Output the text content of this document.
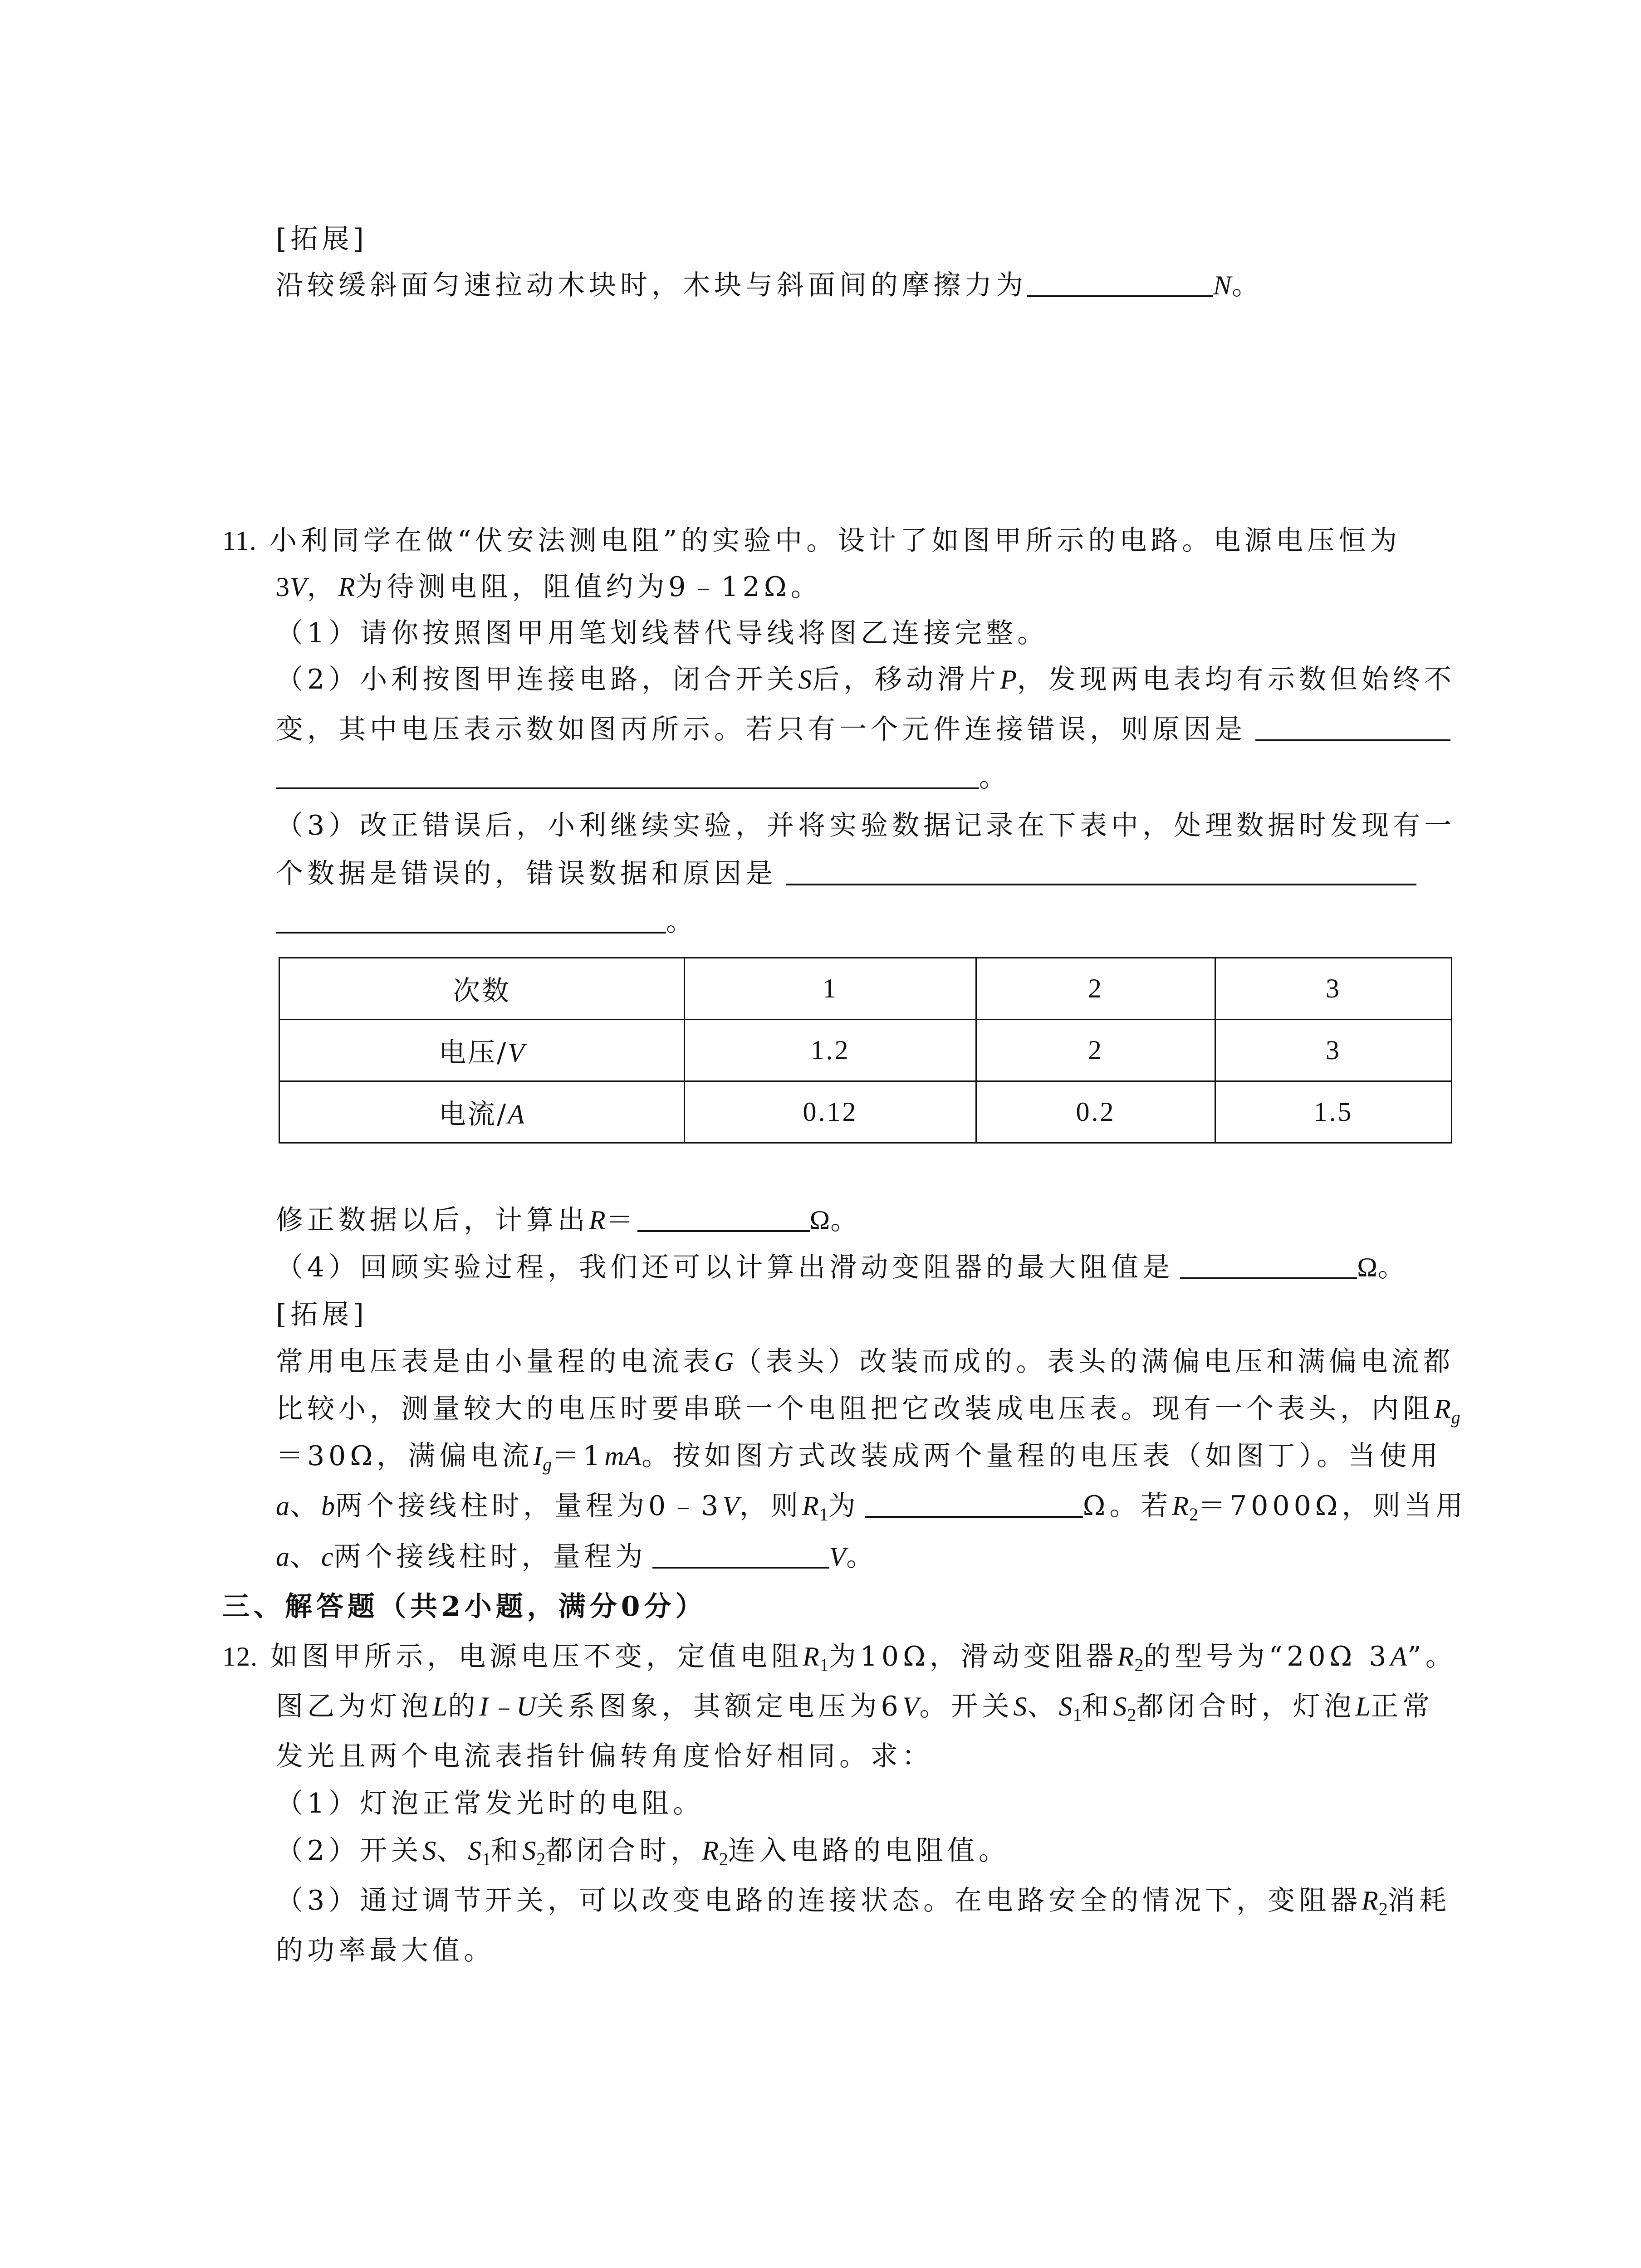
[拓展]
沿较缓斜面匀速拉动木块时，木块与斜面间的摩擦力为	N。
11. 小利同学在做“伏安法测电阻”的实验中。设计了如图甲所示的电路。电源电压恒为
3V，R为待测电阻，阻值约为9﹣12Ω。
（1）请你按照图甲用笔划线替代导线将图乙连接完整。
（2）小利按图甲连接电路，闭合开关S后，移动滑片P，发现两电表均有示数但始终不
变，其中电压表示数如图丙所示。若只有一个元件连接错误，则原因是
。
（3）改正错误后，小利继续实验，并将实验数据记录在下表中，处理数据时发现有一
个数据是错误的，错误数据和原因是
。
次数	1	2	3
电压/V	1.2	2	3
电流/A	0.12	0.2	1.5
修正数据以后，计算出R＝	Ω。
（4）回顾实验过程，我们还可以计算出滑动变阻器的最大阻值是	Ω。
[拓展]
常用电压表是由小量程的电流表G（表头）改装而成的。表头的满偏电压和满偏电流都
比较小，测量较大的电压时要串联一个电阻把它改装成电压表。现有一个表头，内阻$R_g$
＝30Ω，满偏电流$I_g=1mA$。按如图方式改装成两个量程的电压表（如图丁）。当使用
a、b两个接线柱时，量程为0﹣3V，则$R_1$为	Ω。若$R_2=7000\Omega$，则当用
a、c两个接线柱时，量程为	V。
三、解答题（共2小题，满分0分）
12. 如图甲所示，电源电压不变，定值电阻$R_1$为10Ω，滑动变阻器$R_2$的型号为“20Ω 3A”。
图乙为灯泡L的I﹣U关系图象，其额定电压为6V。开关S、$S_1$和$S_2$都闭合时，灯泡L正常
发光且两个电流表指针偏转角度恰好相同。求：
（1）灯泡正常发光时的电阻。
（2）开关S、$S_1$和$S_2$都闭合时，$R_2$连入电路的电阻值。
（3）通过调节开关，可以改变电路的连接状态。在电路安全的情况下，变阻器$R_2$消耗
的功率最大值。
